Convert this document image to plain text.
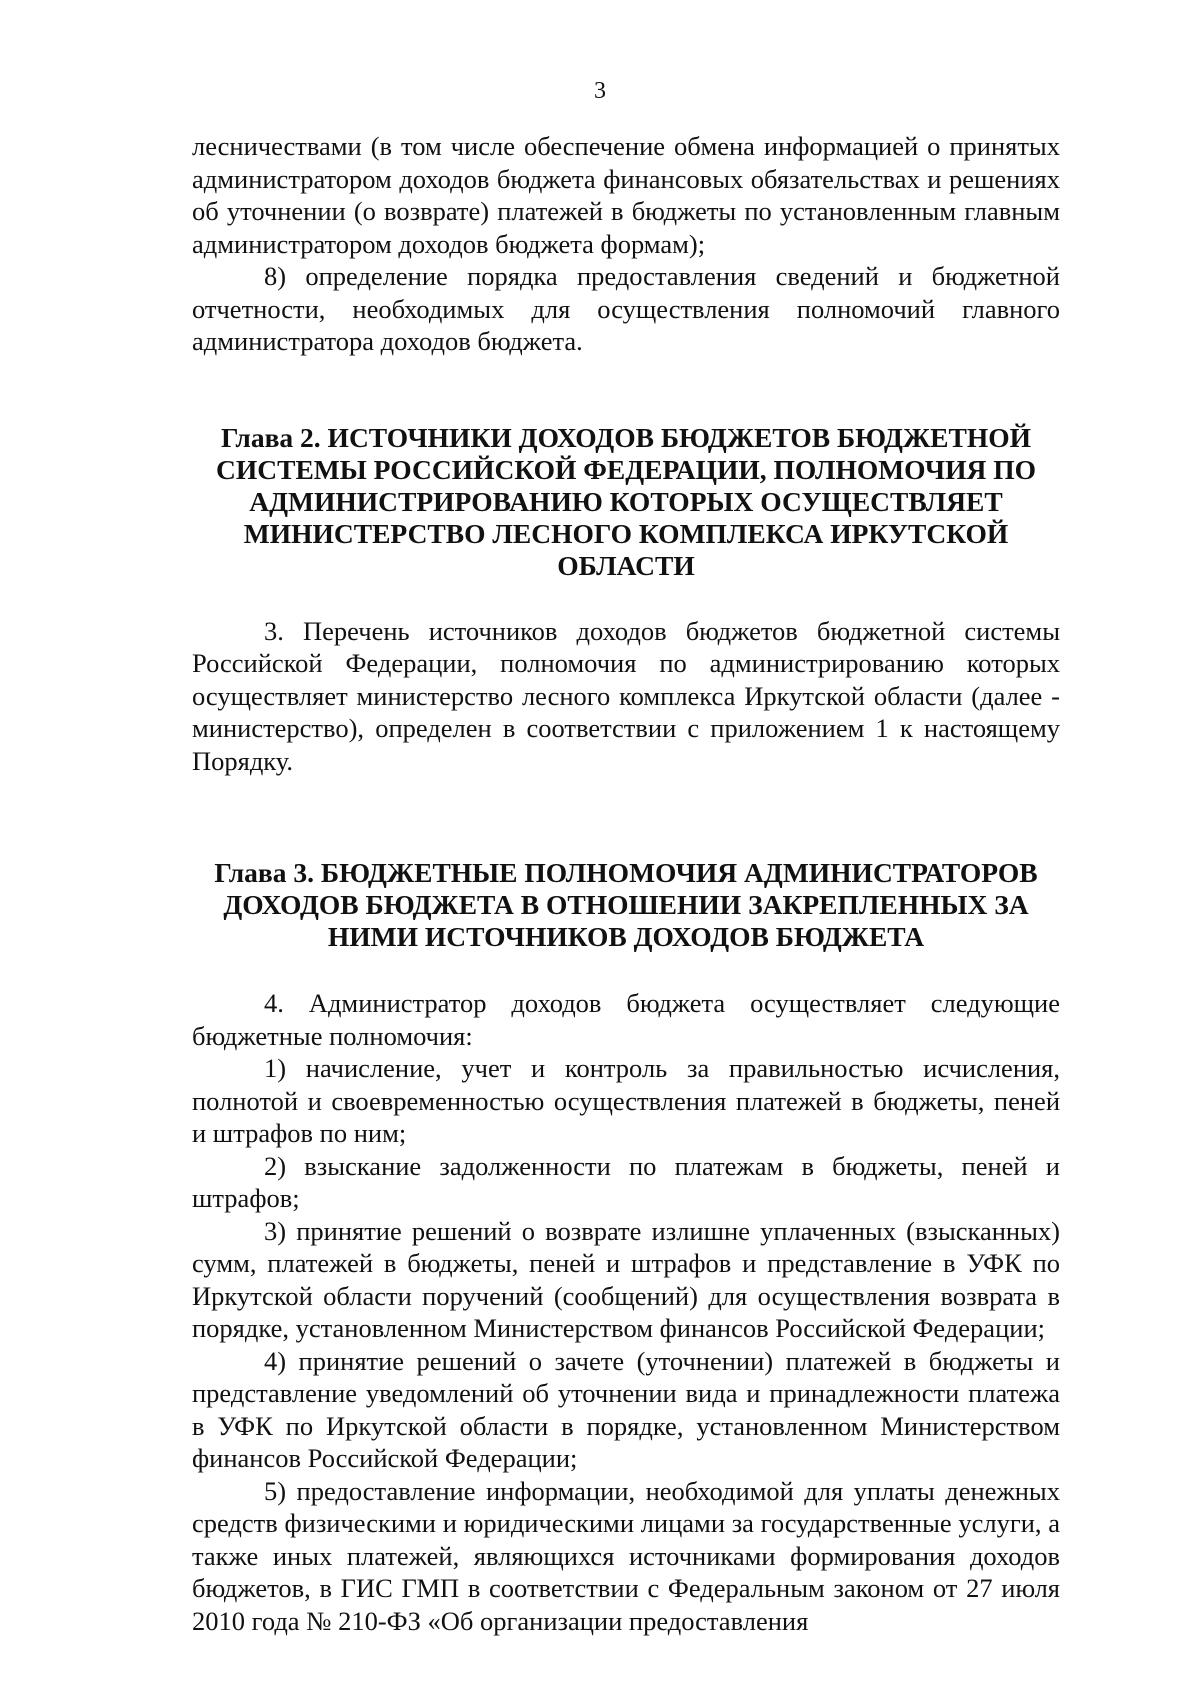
3

лесничествами (в том числе обеспечение обмена информацией о принятых администратором доходов бюджета финансовых обязательствах и решениях об уточнении (о возврате) платежей в бюджеты по установленным главным администратором доходов бюджета формам);

8) определение порядка предоставления сведений и бюджетной отчетности, необходимых для осуществления полномочий главного администратора доходов бюджета.

Глава 2. ИСТОЧНИКИ ДОХОДОВ БЮДЖЕТОВ БЮДЖЕТНОЙ СИСТЕМЫ РОССИЙСКОЙ ФЕДЕРАЦИИ, ПОЛНОМОЧИЯ ПО АДМИНИСТРИРОВАНИЮ КОТОРЫХ ОСУЩЕСТВЛЯЕТ МИНИСТЕРСТВО ЛЕСНОГО КОМПЛЕКСА ИРКУТСКОЙ ОБЛАСТИ

3. Перечень источников доходов бюджетов бюджетной системы Российской Федерации, полномочия по администрированию которых осуществляет министерство лесного комплекса Иркутской области (далее - министерство), определен в соответствии с приложением 1 к настоящему Порядку.

Глава 3. БЮДЖЕТНЫЕ ПОЛНОМОЧИЯ АДМИНИСТРАТОРОВ ДОХОДОВ БЮДЖЕТА В ОТНОШЕНИИ ЗАКРЕПЛЕННЫХ ЗА НИМИ ИСТОЧНИКОВ ДОХОДОВ БЮДЖЕТА

4. Администратор доходов бюджета осуществляет следующие бюджетные полномочия:

1) начисление, учет и контроль за правильностью исчисления, полнотой и своевременностью осуществления платежей в бюджеты, пеней и штрафов по ним;

2) взыскание задолженности по платежам в бюджеты, пеней и штрафов;

3) принятие решений о возврате излишне уплаченных (взысканных) сумм, платежей в бюджеты, пеней и штрафов и представление в УФК по Иркутской области поручений (сообщений) для осуществления возврата в порядке, установленном Министерством финансов Российской Федерации;

4) принятие решений о зачете (уточнении) платежей в бюджеты и представление уведомлений об уточнении вида и принадлежности платежа в УФК по Иркутской области в порядке, установленном Министерством финансов Российской Федерации;

5) предоставление информации, необходимой для уплаты денежных средств физическими и юридическими лицами за государственные услуги, а также иных платежей, являющихся источниками формирования доходов бюджетов, в ГИС ГМП в соответствии с Федеральным законом от 27 июля 2010 года № 210-ФЗ «Об организации предоставления
